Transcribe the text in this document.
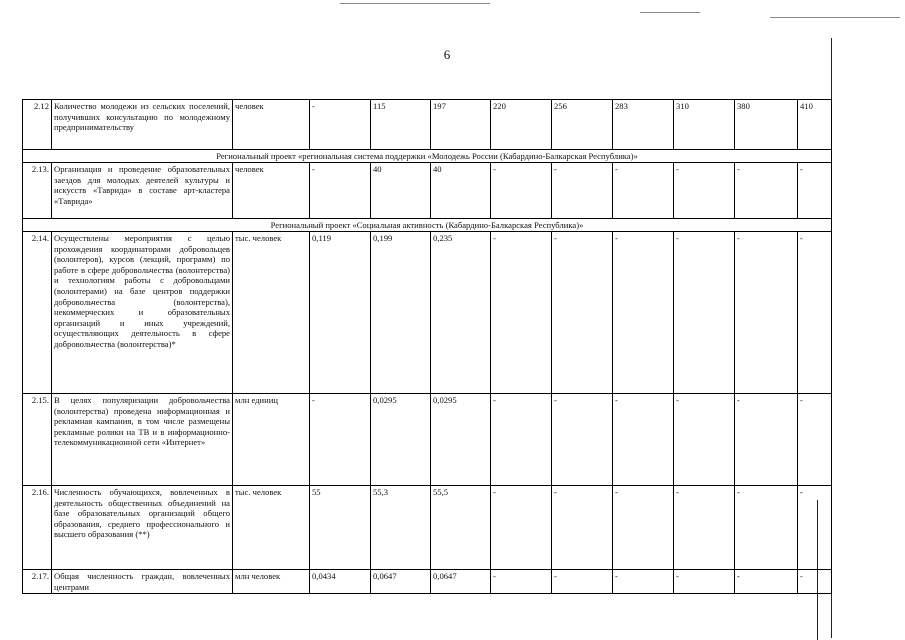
6
2.12	Количество молодежи из сельских поселений, получивших консультацию по молодежному предпринимательству	человек	-	115	197	220	256	283	310	380	410
Региональный проект «региональная система поддержки «Молодежь России (Кабардино-Балкарская Республика)»											
2.13.	Организация и проведение образовательных заездов для молодых деятелей культуры и искусств «Таврида» в составе арт-кластера «Таврида»	человек	-	40	40	-	-	-	-	-	-
Региональный проект «Социальная активность (Кабардино-Балкарская Республика)»											
2.14.	Осуществлены мероприятия с целью прохождения координаторами добровольцев (волонтеров), курсов (лекций, программ) по работе в сфере добровольчества (волонтерства) и технологиям работы с добровольцами (волонтерами) на базе центров поддержки добровольчества (волонтерства), некоммерческих и образовательных организаций и иных учреждений, осуществляющих деятельность в сфере добровольчества (волонтерства)*	тыс. человек	0,119	0,199	0,235	-	-	-	-	-	-
2.15.	В целях популяризации добровольчества (волонтерства) проведена информационная и рекламная кампания, в том числе размещены рекламные ролики на ТВ и в информационно-телекоммуникационной сети «Интернет»	млн единиц	-	0,0295	0,0295	-	-	-	-	-	-
2.16.	Численность обучающихся, вовлеченных в деятельность общественных объединений на базе образовательных организаций общего образования, среднего профессионального и высшего образования (**)	тыс. человек	55	55,3	55,5	-	-	-	-	-	-
2.17.	Общая численность граждан, вовлеченных центрами	млн человек	0,0434	0,0647	0,0647	-	-	-	-	-	-
